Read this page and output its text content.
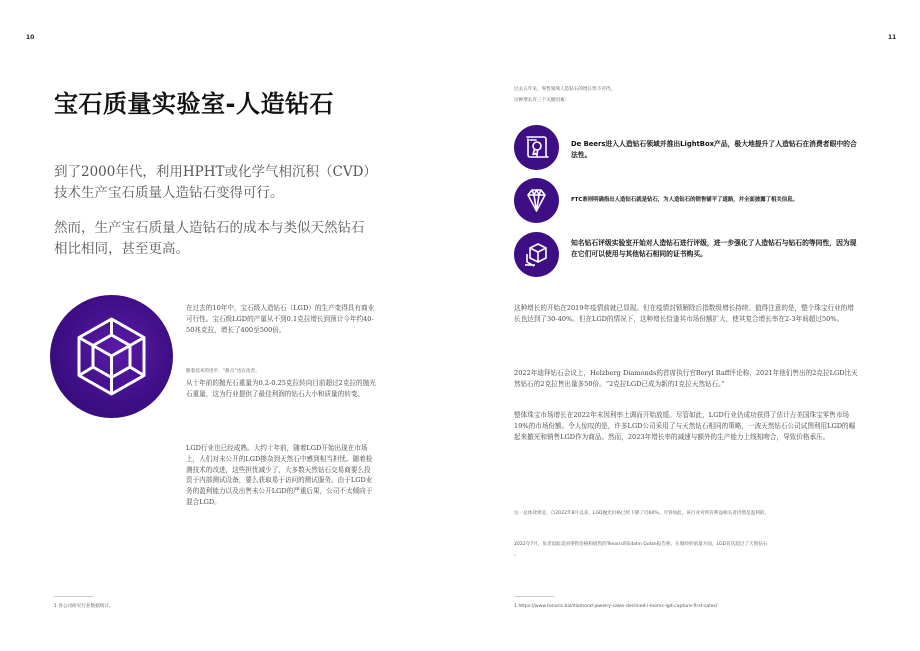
10	11
宝石质量实验室-人造钻石
到了2000年代，利用HPHT或化学气相沉积（CVD）技术生产宝石质量人造钻石变得可行。
然而，生产宝石质量人造钻石的成本与类似天然钻石相比相同，甚至更高。
在过去的10年中，宝石级人造钻石（LGD）的生产变得具有商业可行性。宝石级LGD的产量从不到0.1克拉增长到预计今年约40-50兆克拉，增长了400至500倍。
随着技术的进步，“甜点”也在改善。
从十年前的抛光石重量为0.2-0.25克拉转向目前超过2克拉的抛光石重量，这为行业提供了最佳利润的钻石大小和质量的转变。
LGD行业也已经成熟。大约十年前，随着LGD开始出现在市场上，人们对未公开的LGD掺杂到天然石中感到相当担忧。随着检测技术的改进，这些担忧减少了，大多数天然钻石交易商要么投资于内部测试设备，要么获取易于访问的测试服务。由于LGD业务的盈利能力以及出售未公开LGD的严重后果，公司不太倾向于混合LGD。
1 各公司研究行业数据统计。
过去五年来，零售领域人造钻石的增长势不可挡。
这种增长有三个关键因素:
De Beers进入人造钻石领域并推出LightBox产品，极大地提升了人造钻石在消费者眼中的合法性。
FTC准则明确指出人造钻石就是钻石，为人造钻石的销售铺平了道路，并全面披露了相关信息。
知名钻石评级实验室开始对人造钻石进行评级，进一步强化了人造钻石与钻石的等同性，因为现在它们可以使用与其他钻石相同的证书购买。
这种增长的开始在2019年疫情前就已显现。但在疫情封锁解除后指数级增长持续。值得注意的是，整个珠宝行业的增长也达到了30-40%。但在LGD的情况下，这种增长恰逢其市场份额扩大，使其复合增长率在2-3年间超过50%。
2022年迪拜钻石会议上，Helzberg Diamonds的首席执行官Beryl Raff评论称，2021年他们售出的2克拉LGD比天然钻石的2克拉售出量多50倍。“2克拉LGD已成为新的1克拉天然钻石。”
整体珠宝市场增长在2022年末因利率上调而开始放缓。尽管如此，LGD行业仍成功获得了估计占美国珠宝零售市场19%的市场份额。令人惊叹的是，许多LGD公司采用了与天然钻石相同的策略，一波天然钻石公司试图利用LGD的崛起来撤光和销售LGD作为商品。然而，2023年增长率的减速与额外的生产能力上线相吻合，导致价格承压。
这一总体效果是，自2022年8月以来，LGD抛光价格已经下降了近60%。尽管如此，该行业对所有利益相关者仍然是盈利的。
2022年7月，负责追踪美国零售价格和销售的Tenoris的Edahn Golan报告称，在微妙的销量方面，LGD首次超过了天然钻石
。
1 https://www.tenoris.biz/diamond-jewelry-sales-declined-i-looms-lgd-capture-first-sales/
